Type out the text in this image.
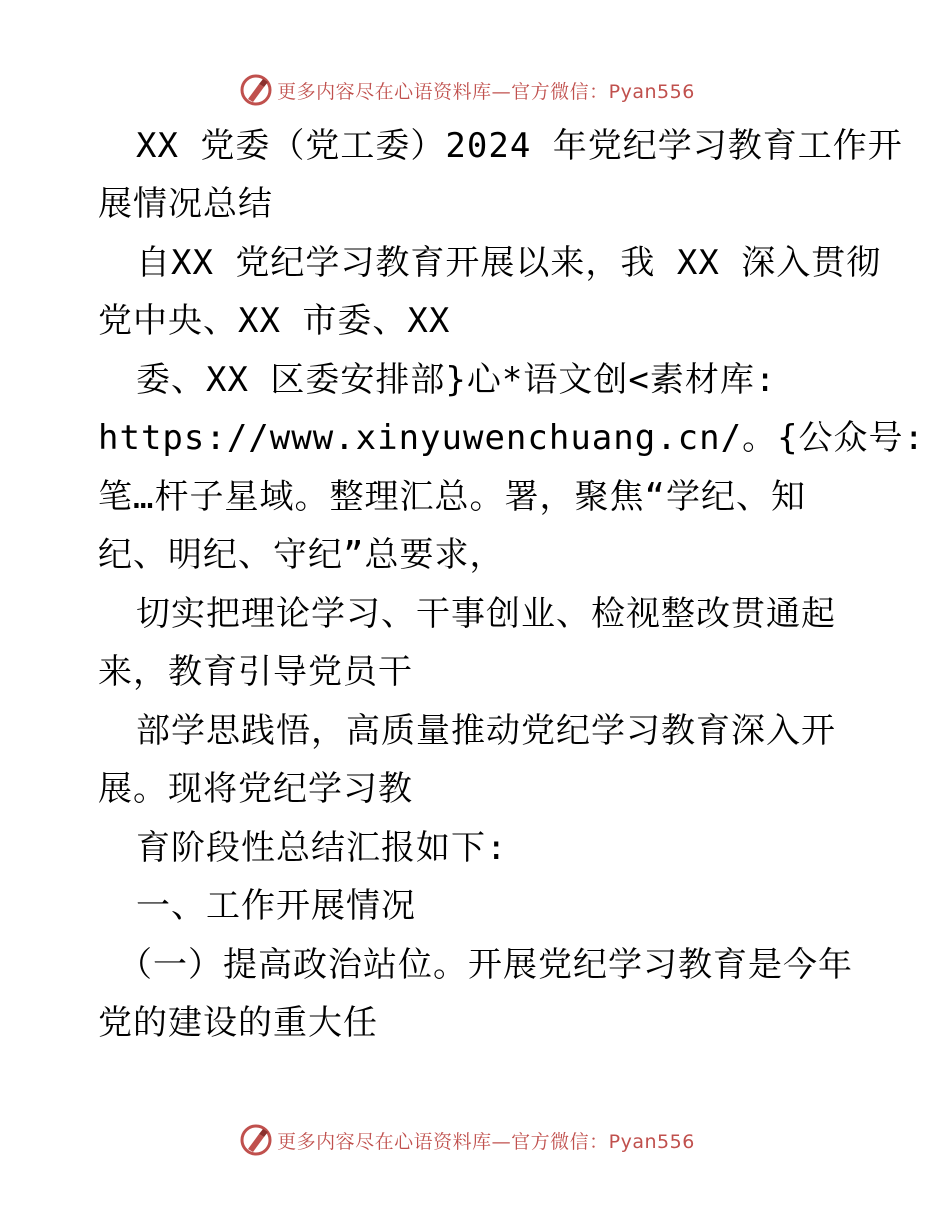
更多内容尽在心语资料库—官方微信：Pyan556
XX 党委（党工委）2024 年党纪学习教育工作开
展情况总结
自XX 党纪学习教育开展以来，我 XX 深入贯彻
党中央、XX 市委、XX
委、XX 区委安排部}心*语文创<素材库:
https://www.xinyuwenchuang.cn/。{公众号:
笔…杆子星域。整理汇总。署，聚焦“学纪、知
纪、明纪、守纪”总要求，
切实把理论学习、干事创业、检视整改贯通起
来，教育引导党员干
部学思践悟，高质量推动党纪学习教育深入开
展。现将党纪学习教
育阶段性总结汇报如下:
一、工作开展情况
（一）提高政治站位。开展党纪学习教育是今年
党的建设的重大任
更多内容尽在心语资料库—官方微信：Pyan556
